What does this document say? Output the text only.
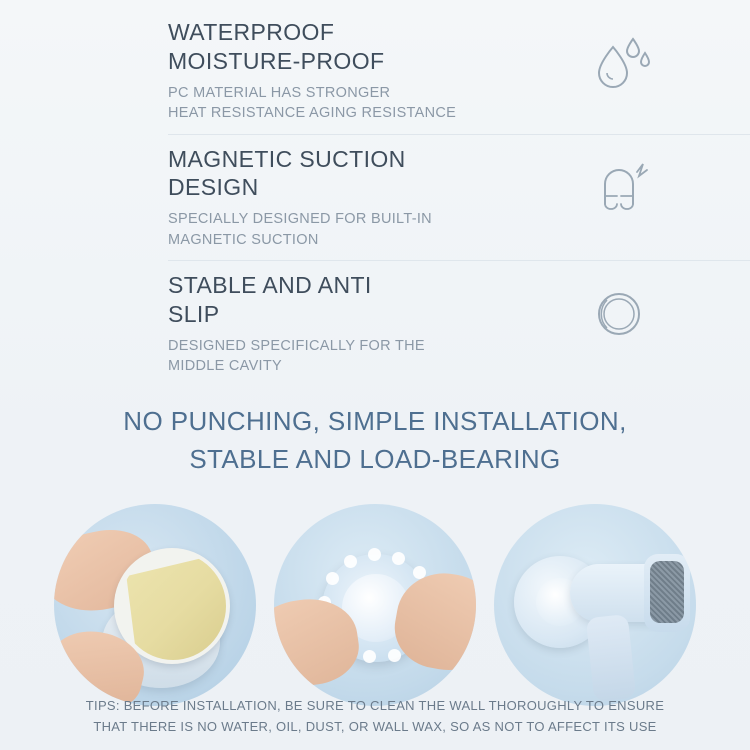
WATERPROOF
MOISTURE-PROOF
PC MATERIAL HAS STRONGER
HEAT RESISTANCE AGING RESISTANCE
MAGNETIC SUCTION
DESIGN
SPECIALLY DESIGNED FOR BUILT-IN
MAGNETIC SUCTION
STABLE AND ANTI
SLIP
DESIGNED SPECIFICALLY FOR THE
MIDDLE CAVITY
NO PUNCHING, SIMPLE INSTALLATION,
STABLE AND LOAD-BEARING
TIPS: BEFORE INSTALLATION, BE SURE TO CLEAN THE WALL THOROUGHLY TO ENSURE
THAT THERE IS NO WATER, OIL, DUST, OR WALL WAX, SO AS NOT TO AFFECT ITS USE
